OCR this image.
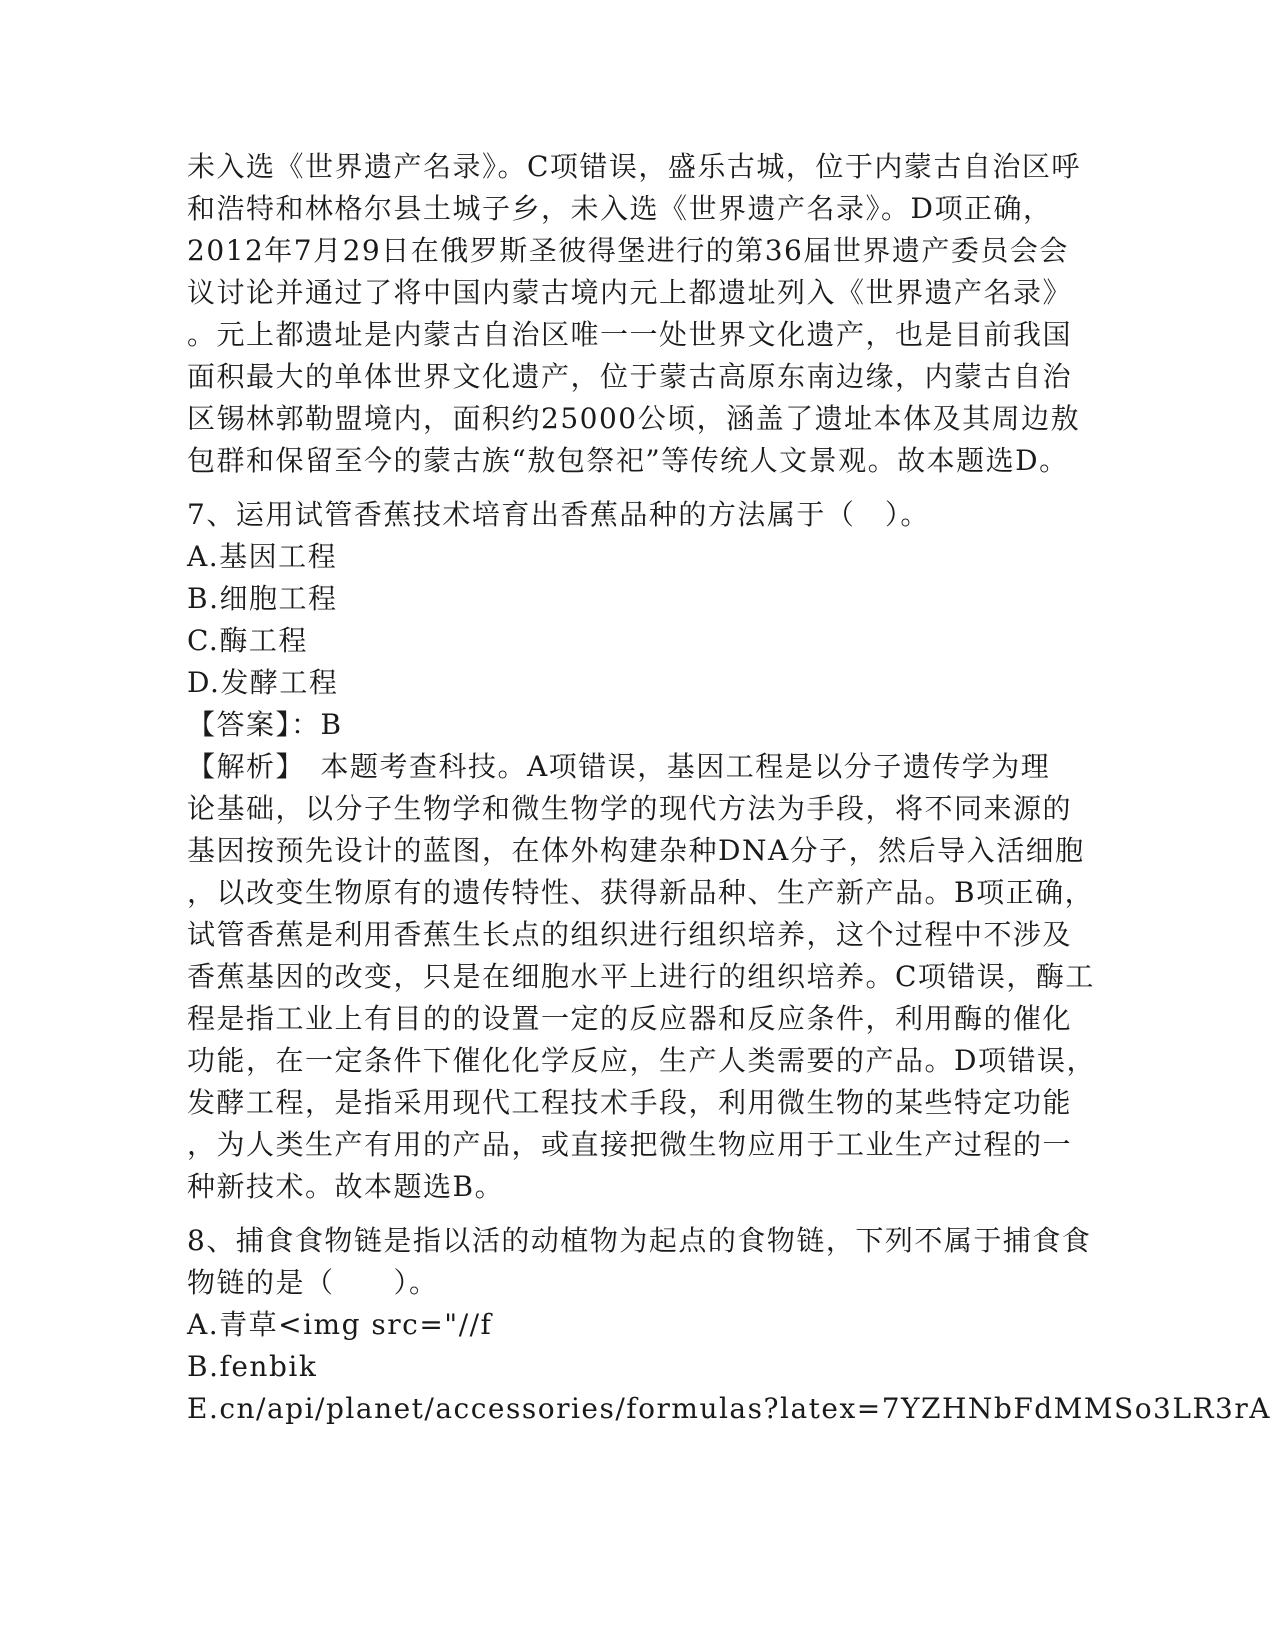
未入选《世界遗产名录》。C项错误，盛乐古城，位于内蒙古自治区呼
和浩特和林格尔县土城子乡，未入选《世界遗产名录》。D项正确，
2012年7月29日在俄罗斯圣彼得堡进行的第36届世界遗产委员会会
议讨论并通过了将中国内蒙古境内元上都遗址列入《世界遗产名录》
。元上都遗址是内蒙古自治区唯一一处世界文化遗产，也是目前我国
面积最大的单体世界文化遗产，位于蒙古高原东南边缘，内蒙古自治
区锡林郭勒盟境内，面积约25000公顷，涵盖了遗址本体及其周边敖
包群和保留至今的蒙古族“敖包祭祀”等传统人文景观。故本题选D。
7、运用试管香蕉技术培育出香蕉品种的方法属于（　）。
A.基因工程
B.细胞工程
C.酶工程
D.发酵工程
【答案】：B
【解析】　本题考查科技。A项错误，基因工程是以分子遗传学为理
论基础，以分子生物学和微生物学的现代方法为手段，将不同来源的
基因按预先设计的蓝图，在体外构建杂种DNA分子，然后导入活细胞
，以改变生物原有的遗传特性、获得新品种、生产新产品。B项正确，
试管香蕉是利用香蕉生长点的组织进行组织培养，这个过程中不涉及
香蕉基因的改变，只是在细胞水平上进行的组织培养。C项错误，酶工
程是指工业上有目的的设置一定的反应器和反应条件，利用酶的催化
功能，在一定条件下催化化学反应，生产人类需要的产品。D项错误，
发酵工程，是指采用现代工程技术手段，利用微生物的某些特定功能
，为人类生产有用的产品，或直接把微生物应用于工业生产过程的一
种新技术。故本题选B。
8、捕食食物链是指以活的动植物为起点的食物链，下列不属于捕食食
物链的是（　　）。
A.青草<img src="//f
B.fenbik
E.cn/api/planet/accessories/formulas?latex=7YZHNbFdMMSo3LR3rA
